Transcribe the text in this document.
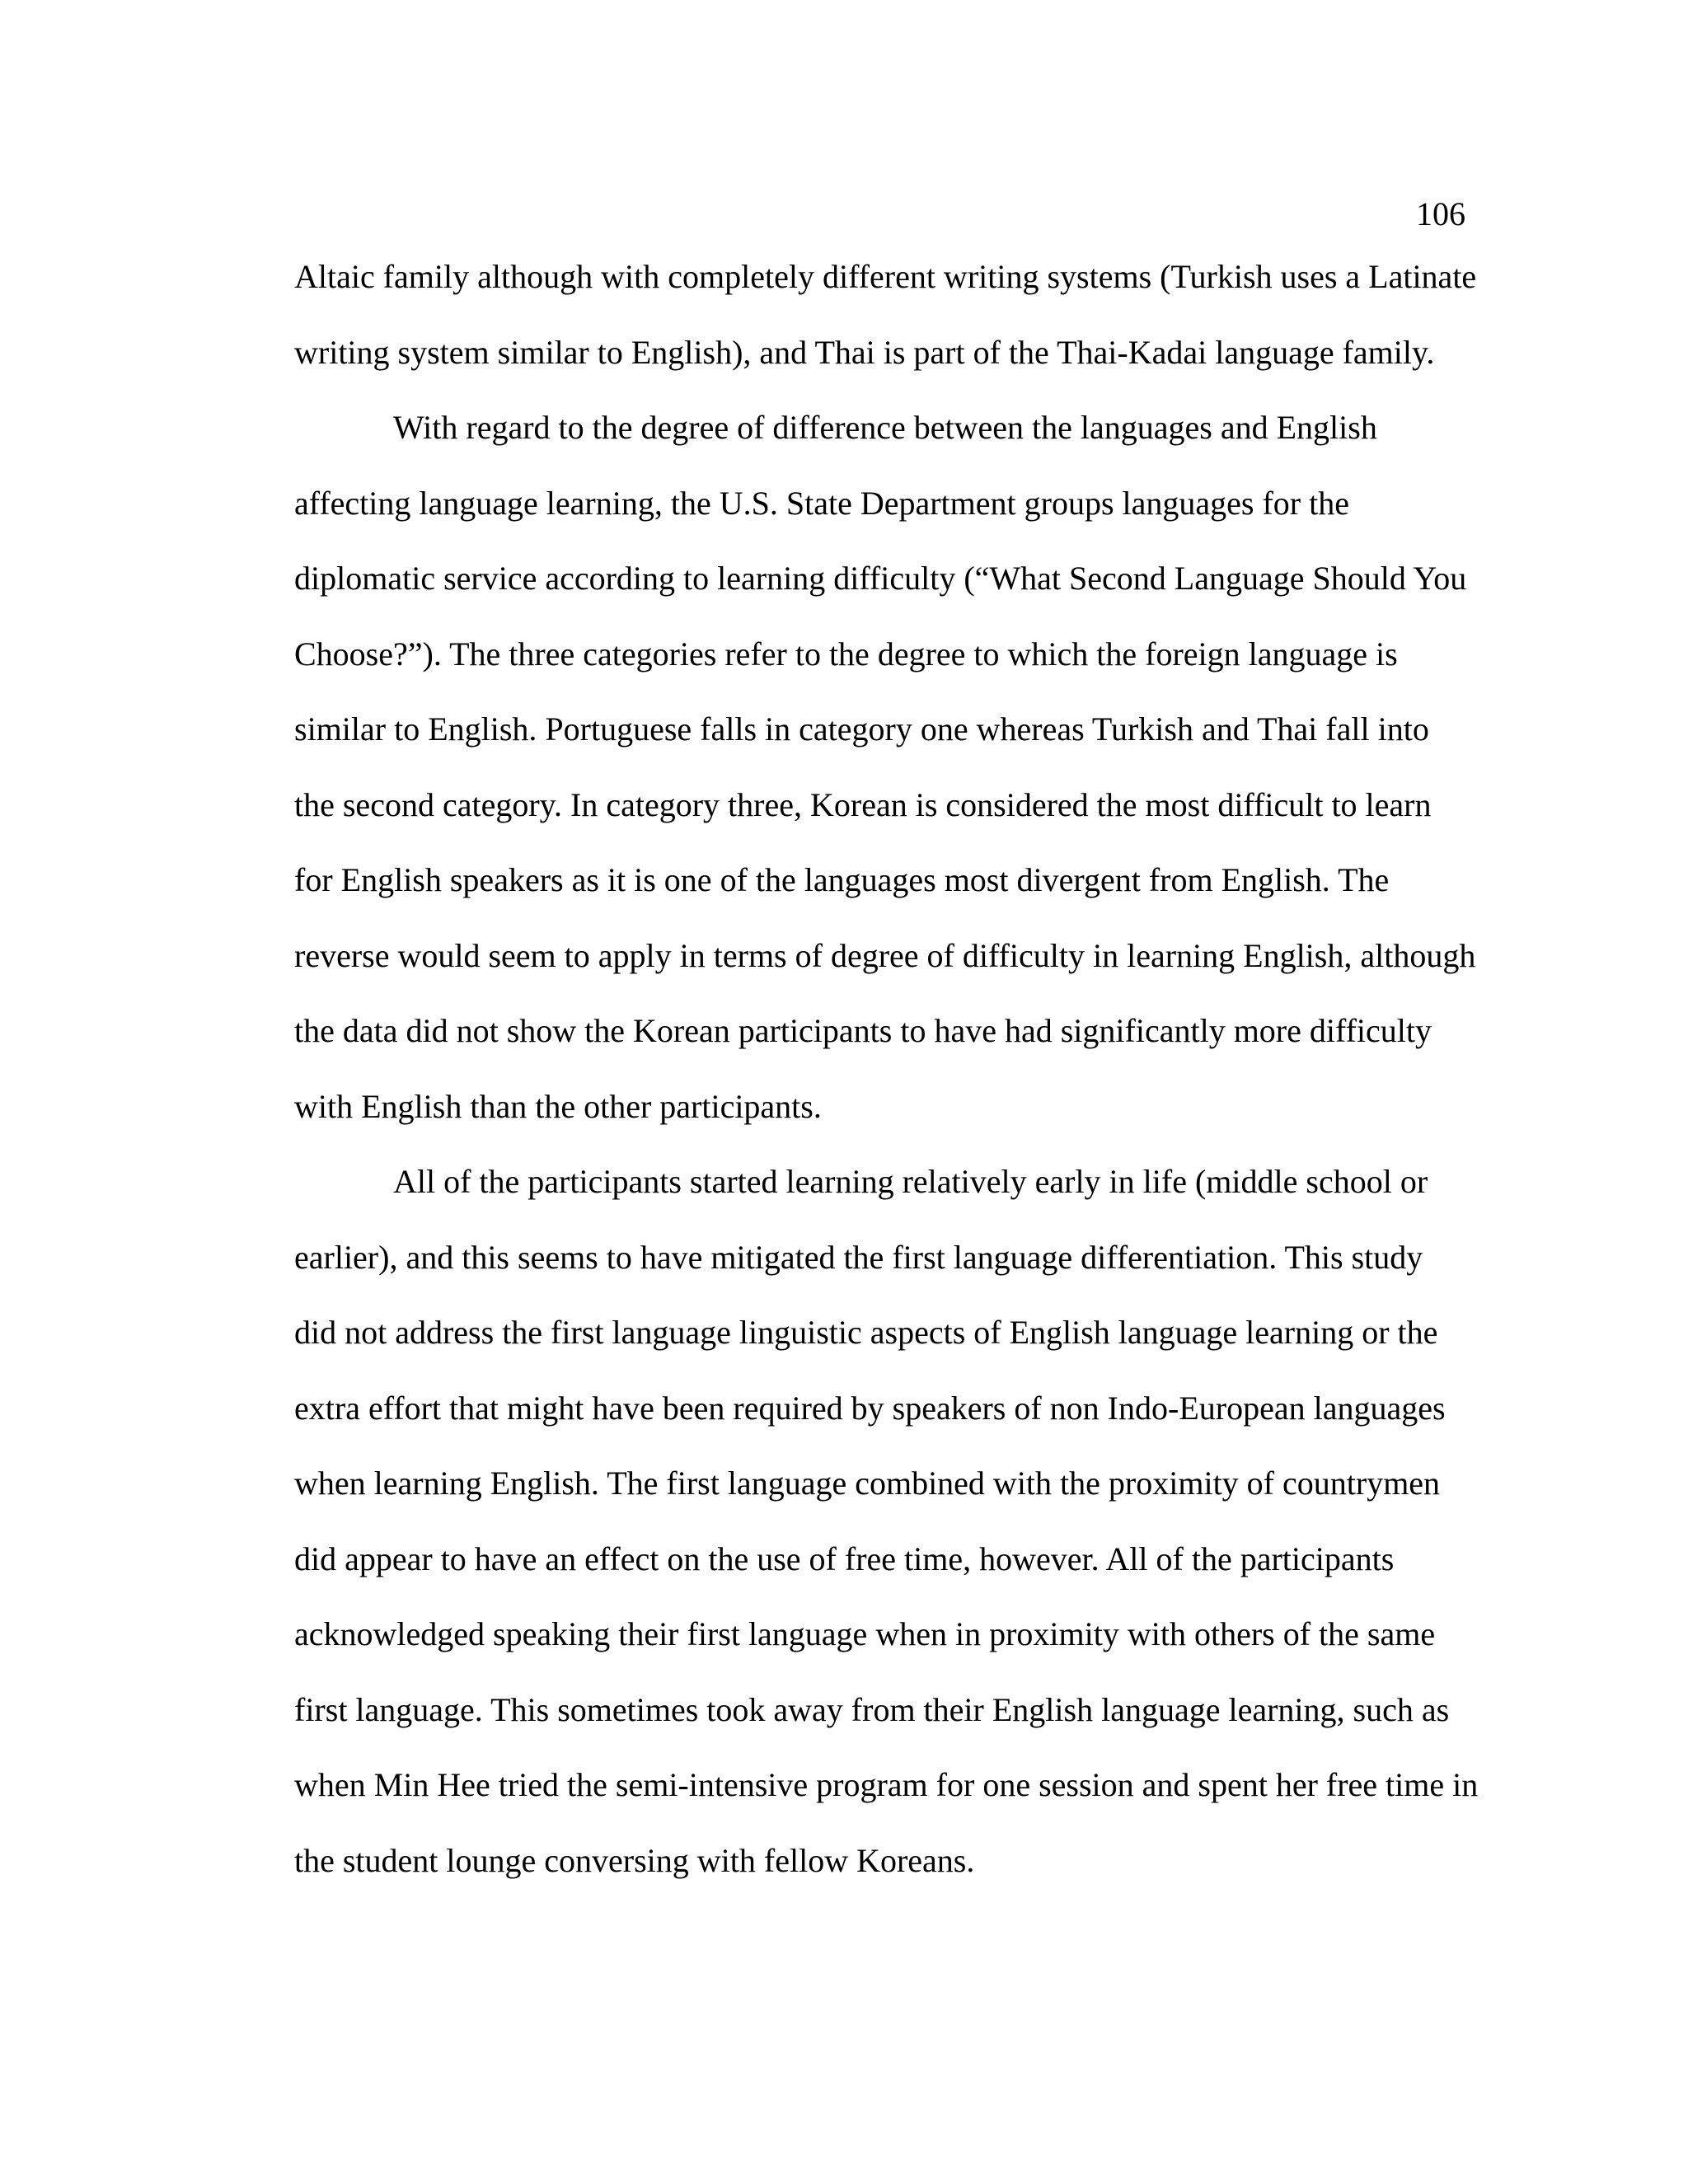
106

Altaic family although with completely different writing systems (Turkish uses a Latinate
writing system similar to English), and Thai is part of the Thai-Kadai language family.
With regard to the degree of difference between the languages and English
affecting language learning, the U.S. State Department groups languages for the
diplomatic service according to learning difficulty (“What Second Language Should You
Choose?”). The three categories refer to the degree to which the foreign language is
similar to English. Portuguese falls in category one whereas Turkish and Thai fall into
the second category. In category three, Korean is considered the most difficult to learn
for English speakers as it is one of the languages most divergent from English. The
reverse would seem to apply in terms of degree of difficulty in learning English, although
the data did not show the Korean participants to have had significantly more difficulty
with English than the other participants.
All of the participants started learning relatively early in life (middle school or
earlier), and this seems to have mitigated the first language differentiation. This study
did not address the first language linguistic aspects of English language learning or the
extra effort that might have been required by speakers of non Indo-European languages
when learning English. The first language combined with the proximity of countrymen
did appear to have an effect on the use of free time, however. All of the participants
acknowledged speaking their first language when in proximity with others of the same
first language. This sometimes took away from their English language learning, such as
when Min Hee tried the semi-intensive program for one session and spent her free time in
the student lounge conversing with fellow Koreans.
